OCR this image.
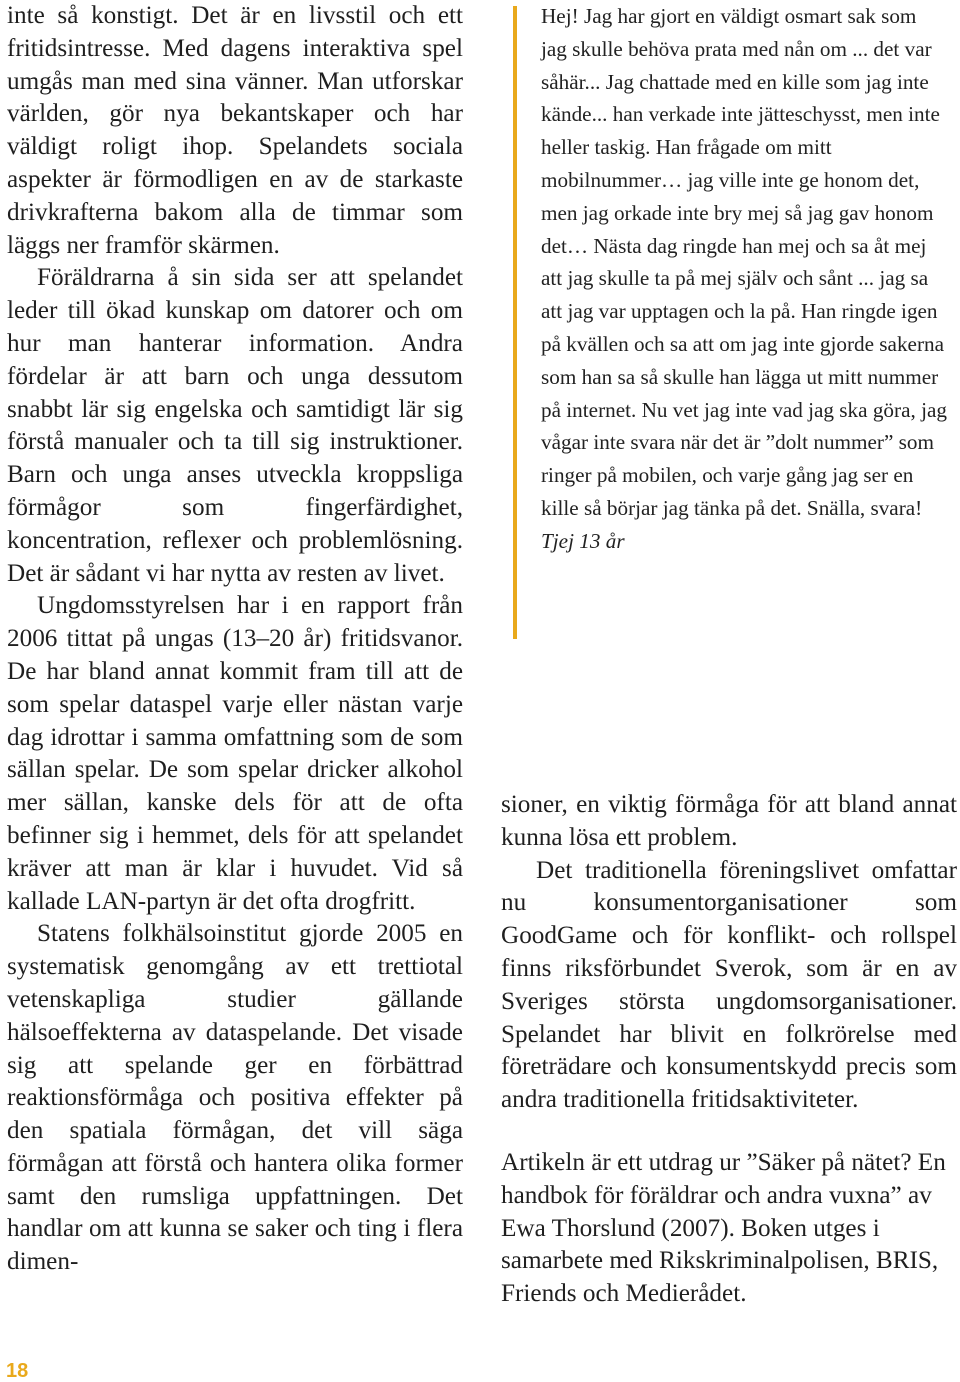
inte så konstigt. Det är en livsstil och ett fritidsintresse. Med dagens interaktiva spel umgås man med sina vänner. Man utforskar världen, gör nya bekantskaper och har väldigt roligt ihop. Spelandets sociala aspekter är förmodligen en av de starkaste drivkrafterna bakom alla de timmar som läggs ner framför skärmen.

Föräldrarna å sin sida ser att spelandet leder till ökad kunskap om datorer och om hur man hanterar information. Andra fördelar är att barn och unga dessutom snabbt lär sig engelska och samtidigt lär sig förstå manualer och ta till sig instruktioner. Barn och unga anses utveckla kroppsliga förmågor som fingerfärdighet, koncentration, reflexer och problemlösning. Det är sådant vi har nytta av resten av livet.

Ungdomsstyrelsen har i en rapport från 2006 tittat på ungas (13–20 år) fritidsvanor. De har bland annat kommit fram till att de som spelar dataspel varje eller nästan varje dag idrottar i samma omfattning som de som sällan spelar. De som spelar dricker alkohol mer sällan, kanske dels för att de ofta befinner sig i hemmet, dels för att spelandet kräver att man är klar i huvudet. Vid så kallade LAN-partyn är det ofta drogfritt.

Statens folkhälsoinstitut gjorde 2005 en systematisk genomgång av ett trettiotal vetenskapliga studier gällande hälsoeffekterna av dataspelande. Det visade sig att spelande ger en förbättrad reaktionsförmåga och positiva effekter på den spatiala förmågan, det vill säga förmågan att förstå och hantera olika former samt den rumsliga uppfattningen. Det handlar om att kunna se saker och ting i flera dimen-

Hej! Jag har gjort en väldigt osmart sak som jag skulle behöva prata med nån om ... det var såhär... Jag chattade med en kille som jag inte kände... han verkade inte jätteschysst, men inte heller taskig. Han frågade om mitt mobilnummer… jag ville inte ge honom det, men jag orkade inte bry mej så jag gav honom det… Nästa dag ringde han mej och sa åt mej att jag skulle ta på mej själv och sånt ... jag sa att jag var upptagen och la på. Han ringde igen på kvällen och sa att om jag inte gjorde sakerna som han sa så skulle han lägga ut mitt nummer på internet. Nu vet jag inte vad jag ska göra, jag vågar inte svara när det är ”dolt nummer” som ringer på mobilen, och varje gång jag ser en kille så börjar jag tänka på det. Snälla, svara!

Tjej 13 år

sioner, en viktig förmåga för att bland annat kunna lösa ett problem.

Det traditionella föreningslivet omfattar nu konsumentorganisationer som GoodGame och för konflikt- och rollspel finns riksförbundet Sverok, som är en av Sveriges största ungdomsorganisationer. Spelandet har blivit en folkrörelse med företrädare och konsumentskydd precis som andra traditionella fritidsaktiviteter.

Artikeln är ett utdrag ur ”Säker på nätet? En handbok för föräldrar och andra vuxna” av Ewa Thorslund (2007). Boken utges i samarbete med Rikskriminalpolisen, BRIS, Friends och Medierådet.

18
